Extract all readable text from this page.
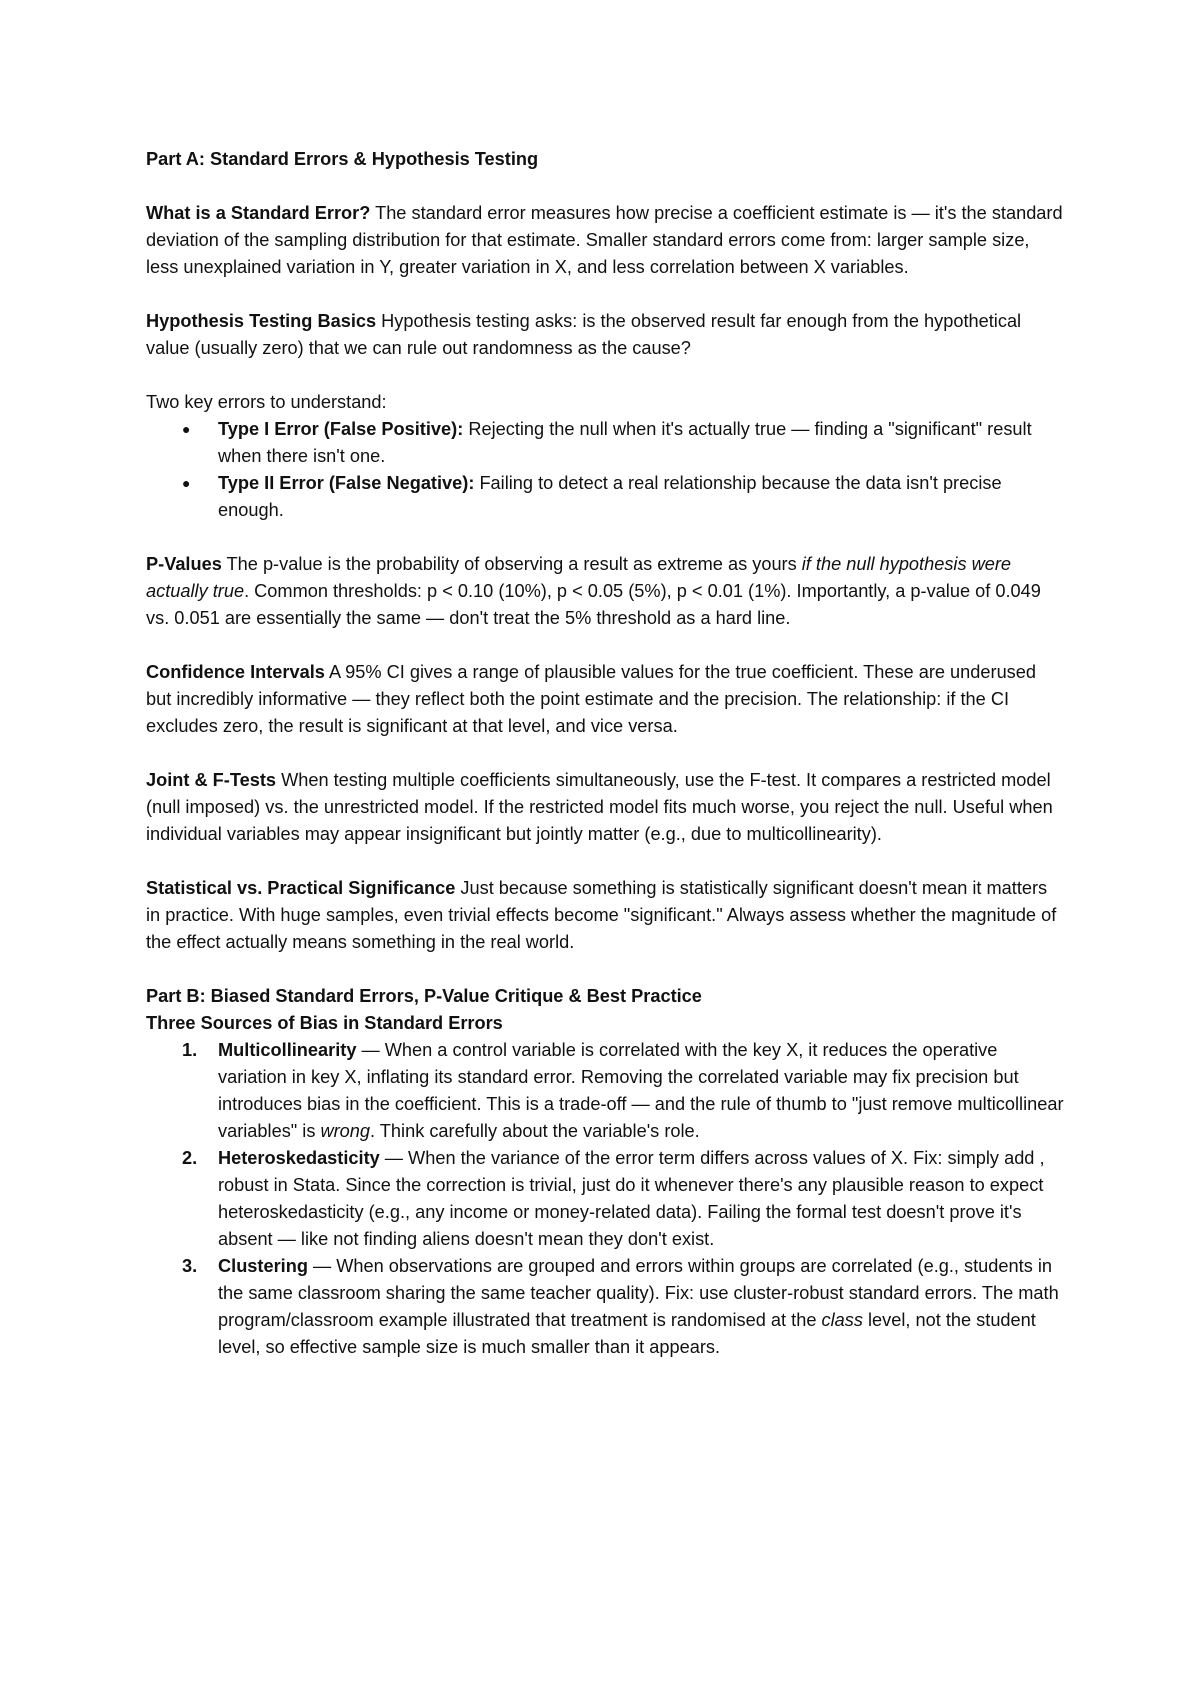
Part A: Standard Errors & Hypothesis Testing

What is a Standard Error? The standard error measures how precise a coefficient estimate is — it's the standard deviation of the sampling distribution for that estimate. Smaller standard errors come from: larger sample size, less unexplained variation in Y, greater variation in X, and less correlation between X variables.

Hypothesis Testing Basics Hypothesis testing asks: is the observed result far enough from the hypothetical value (usually zero) that we can rule out randomness as the cause?

Two key errors to understand:
● Type I Error (False Positive): Rejecting the null when it's actually true — finding a "significant" result when there isn't one.
● Type II Error (False Negative): Failing to detect a real relationship because the data isn't precise enough.

P-Values The p-value is the probability of observing a result as extreme as yours if the null hypothesis were actually true. Common thresholds: p < 0.10 (10%), p < 0.05 (5%), p < 0.01 (1%). Importantly, a p-value of 0.049 vs. 0.051 are essentially the same — don't treat the 5% threshold as a hard line.

Confidence Intervals A 95% CI gives a range of plausible values for the true coefficient. These are underused but incredibly informative — they reflect both the point estimate and the precision. The relationship: if the CI excludes zero, the result is significant at that level, and vice versa.

Joint & F-Tests When testing multiple coefficients simultaneously, use the F-test. It compares a restricted model (null imposed) vs. the unrestricted model. If the restricted model fits much worse, you reject the null. Useful when individual variables may appear insignificant but jointly matter (e.g., due to multicollinearity).

Statistical vs. Practical Significance Just because something is statistically significant doesn't mean it matters in practice. With huge samples, even trivial effects become "significant." Always assess whether the magnitude of the effect actually means something in the real world.

Part B: Biased Standard Errors, P-Value Critique & Best Practice
Three Sources of Bias in Standard Errors
1. Multicollinearity — When a control variable is correlated with the key X, it reduces the operative variation in key X, inflating its standard error. Removing the correlated variable may fix precision but introduces bias in the coefficient. This is a trade-off — and the rule of thumb to "just remove multicollinear variables" is wrong. Think carefully about the variable's role.
2. Heteroskedasticity — When the variance of the error term differs across values of X. Fix: simply add , robust in Stata. Since the correction is trivial, just do it whenever there's any plausible reason to expect heteroskedasticity (e.g., any income or money-related data). Failing the formal test doesn't prove it's absent — like not finding aliens doesn't mean they don't exist.
3. Clustering — When observations are grouped and errors within groups are correlated (e.g., students in the same classroom sharing the same teacher quality). Fix: use cluster-robust standard errors. The math program/classroom example illustrated that treatment is randomised at the class level, not the student level, so effective sample size is much smaller than it appears.
